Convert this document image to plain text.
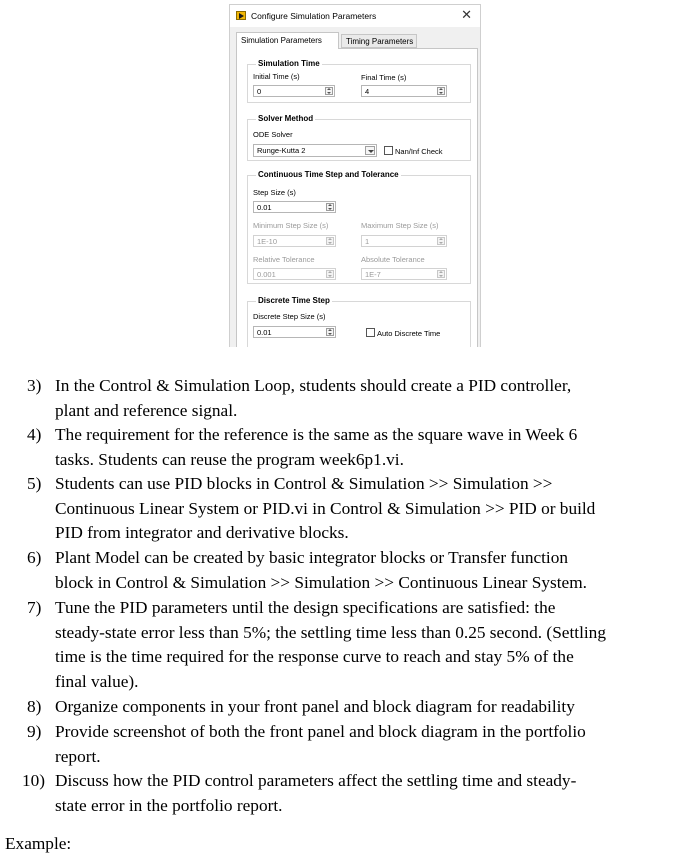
Configure Simulation Parameters	✕
Simulation Parameters	Timing Parameters
Simulation Time
Initial Time (s)
0
Final Time (s)
4
Solver Method
ODE Solver
Runge-Kutta 2	Nan/Inf Check
Continuous Time Step and Tolerance
Step Size (s)
0.01
Minimum Step Size (s)
1E-10
Maximum Step Size (s)
1
Relative Tolerance
0.001
Absolute Tolerance
1E-7
Discrete Time Step
Discrete Step Size (s)
0.01	Auto Discrete Time
3) In the Control & Simulation Loop, students should create a PID controller,
plant and reference signal.
4) The requirement for the reference is the same as the square wave in Week 6
tasks. Students can reuse the program week6p1.vi.
5) Students can use PID blocks in Control & Simulation >> Simulation >>
Continuous Linear System or PID.vi in Control & Simulation >> PID or build
PID from integrator and derivative blocks.
6) Plant Model can be created by basic integrator blocks or Transfer function
block in Control & Simulation >> Simulation >> Continuous Linear System.
7) Tune the PID parameters until the design specifications are satisfied: the
steady-state error less than 5%; the settling time less than 0.25 second. (Settling
time is the time required for the response curve to reach and stay 5% of the
final value).
8) Organize components in your front panel and block diagram for readability
9) Provide screenshot of both the front panel and block diagram in the portfolio
report.
10) Discuss how the PID control parameters affect the settling time and steady-
state error in the portfolio report.
Example:
